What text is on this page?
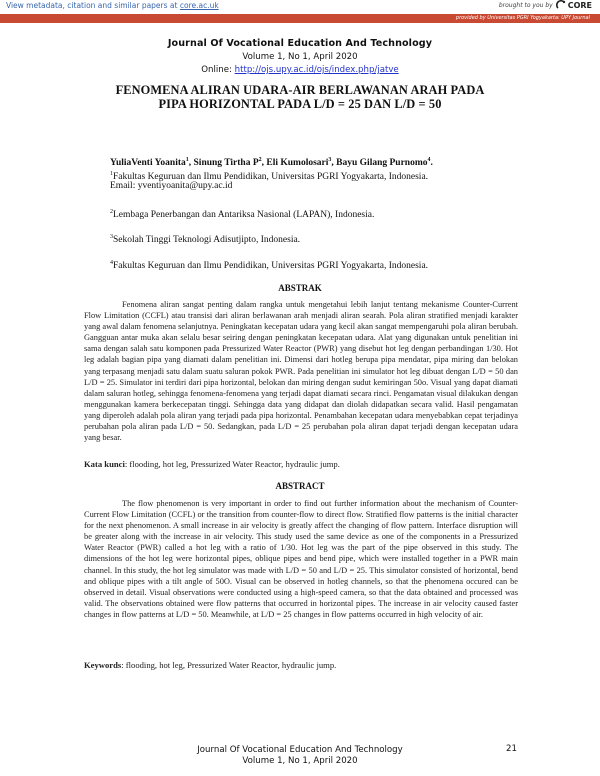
View metadata, citation and similar papers at core.ac.uk	brought to you by CORE
provided by Universitas PGRI Yogyakarta: UPY Journal
Journal Of Vocational Education And Technology
Volume 1, No 1, April 2020
Online: http://ojs.upy.ac.id/ojs/index.php/jatve
FENOMENA ALIRAN UDARA-AIR BERLAWANAN ARAH PADA
PIPA HORIZONTAL PADA L/D = 25 DAN L/D = 50
YuliaVenti Yoanita$^1$, Sinung Tirtha $P^2$, Eli Kumolosari$^3$, Bayu Gilang Purnomo$^4$.
$^1$Fakultas Keguruan dan Ilmu Pendidikan, Universitas PGRI Yogyakarta, Indonesia.
Email: yventiyoanita@upy.ac.id
$^2$Lembaga Penerbangan dan Antariksa Nasional (LAPAN), Indonesia.
$^3$Sekolah Tinggi Teknologi Adisutjipto, Indonesia.
$^4$Fakultas Keguruan dan Ilmu Pendidikan, Universitas PGRI Yogyakarta, Indonesia.
ABSTRAK
Fenomena aliran sangat penting dalam rangka untuk mengetahui lebih lanjut tentang mekanisme Counter-Current Flow Limitation (CCFL) atau transisi dari aliran berlawanan arah menjadi aliran searah. Pola aliran stratified menjadi karakter yang awal dalam fenomena selanjutnya. Peningkatan kecepatan udara yang kecil akan sangat mempengaruhi pola aliran berubah. Gangguan antar muka akan selalu besar seiring dengan peningkatan kecepatan udara. Alat yang digunakan untuk penelitian ini sama dengan salah satu komponen pada Pressurized Water Reactor (PWR) yang disebut hot leg dengan perbandingan 1/30. Hot leg adalah bagian pipa yang diamati dalam penelitian ini. Dimensi dari hotleg berupa pipa mendatar, pipa miring dan belokan yang terpasang menjadi satu dalam suatu saluran pokok PWR. Pada penelitian ini simulator hot leg dibuat dengan L/D = 50 dan L/D = 25. Simulator ini terdiri dari pipa horizontal, belokan dan miring dengan sudut kemiringan 50o. Visual yang dapat diamati dalam saluran hotleg, sehingga fenomena-fenomena yang terjadi dapat diamati secara rinci. Pengamatan visual dilakukan dengan menggunakan kamera berkecepatan tinggi. Sehingga data yang didapat dan diolah didapatkan secara valid. Hasil pengamatan yang diperoleh adalah pola aliran yang terjadi pada pipa horizontal. Penambahan kecepatan udara menyebabkan cepat terjadinya perubahan pola aliran pada L/D = 50. Sedangkan, pada L/D = 25 perubahan pola aliran dapat terjadi dengan kecepatan udara yang besar.
Kata kunci: flooding, hot leg, Pressurized Water Reactor, hydraulic jump.
ABSTRACT
The flow phenomenon is very important in order to find out further information about the mechanism of Counter-Current Flow Limitation (CCFL) or the transition from counter-flow to direct flow. Stratified flow patterns is the initial character for the next phenomenon. A small increase in air velocity is greatly affect the changing of flow pattern. Interface disruption will be greater along with the increase in air velocity. This study used the same device as one of the components in a Pressurized Water Reactor (PWR) called a hot leg with a ratio of 1/30. Hot leg was the part of the pipe observed in this study. The dimensions of the hot leg were horizontal pipes, oblique pipes and bend pipe, which were installed together in a PWR main channel. In this study, the hot leg simulator was made with L/D = 50 and L/D = 25. This simulator consisted of horizontal, bend and oblique pipes with a tilt angle of 50O. Visual can be observed in hotleg channels, so that the phenomena occured can be observed in detail. Visual observations were conducted using a high-speed camera, so that the data obtained and processed was valid. The observations obtained were flow patterns that occurred in horizontal pipes. The increase in air velocity caused faster changes in flow patterns at L/D = 50. Meanwhile, at L/D = 25 changes in flow patterns occurred in high velocity of air.
Keywords: flooding, hot leg, Pressurized Water Reactor, hydraulic jump.
Journal Of Vocational Education And Technology
Volume 1, No 1, April 2020
21
